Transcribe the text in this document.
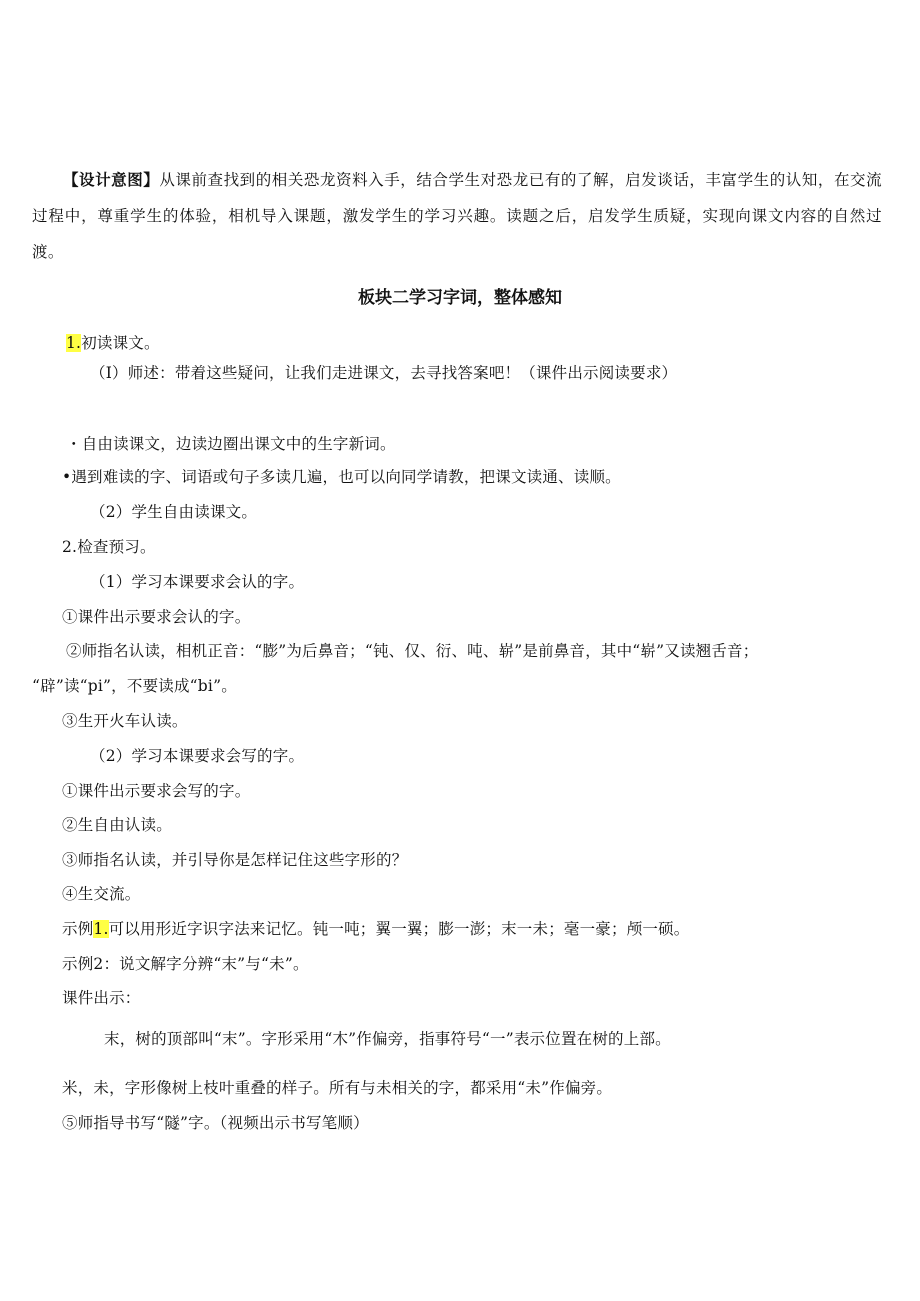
【设计意图】从课前查找到的相关恐龙资料入手，结合学生对恐龙已有的了解，启发谈话，丰富学生的认知，在交流过程中，尊重学生的体验，相机导入课题，激发学生的学习兴趣。读题之后，启发学生质疑，实现向课文内容的自然过渡。
板块二学习字词，整体感知
1.初读课文。
（I）师述：带着这些疑问，让我们走进课文，去寻找答案吧！（课件出示阅读要求）
・自由读课文，边读边圈出课文中的生字新词。
•遇到难读的字、词语或句子多读几遍，也可以向同学请教，把课文读通、读顺。
（2）学生自由读课文。
2.检查预习。
（1）学习本课要求会认的字。
①课件出示要求会认的字。
②师指名认读，相机正音：“膨”为后鼻音；“钝、仅、衍、吨、崭”是前鼻音，其中“崭”又读翘舌音；
“辟”读“pi”，不要读成“bi”。
③生开火车认读。
（2）学习本课要求会写的字。
①课件出示要求会写的字。
②生自由认读。
③师指名认读，并引导你是怎样记住这些字形的？
④生交流。
示例1.可以用形近字识字法来记忆。钝一吨；翼一翼；膨一澎；末一未；毫一豪；颅一硕。
示例2：说文解字分辨“末”与“未”。
课件出示：
末，树的顶部叫“末”。字形采用“木”作偏旁，指事符号“一”表示位置在树的上部。
米，未，字形像树上枝叶重叠的样子。所有与未相关的字，都采用“未”作偏旁。
⑤师指导书写“隧”字。（视频出示书写笔顺）
